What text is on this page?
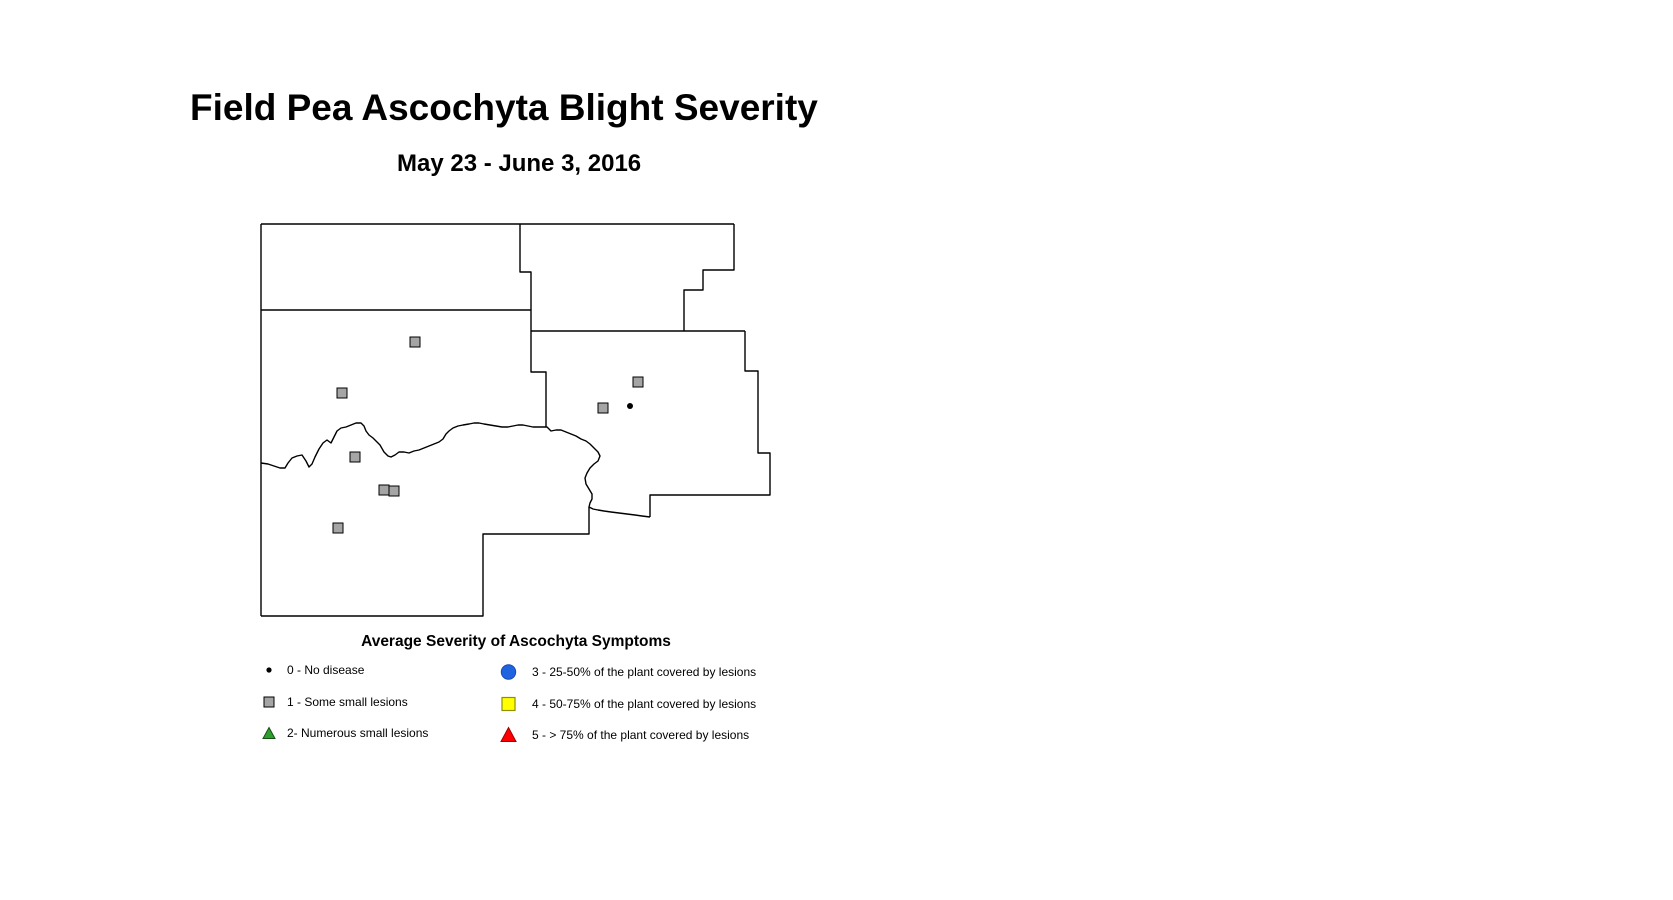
Field Pea Ascochyta Blight Severity
May 23 - June 3, 2016
Average Severity of Ascochyta Symptoms
0 - No disease
1 - Some small lesions
2- Numerous small lesions
3 - 25-50% of the plant covered by lesions
4 - 50-75% of the plant covered by lesions
5 - > 75% of the plant covered by lesions
